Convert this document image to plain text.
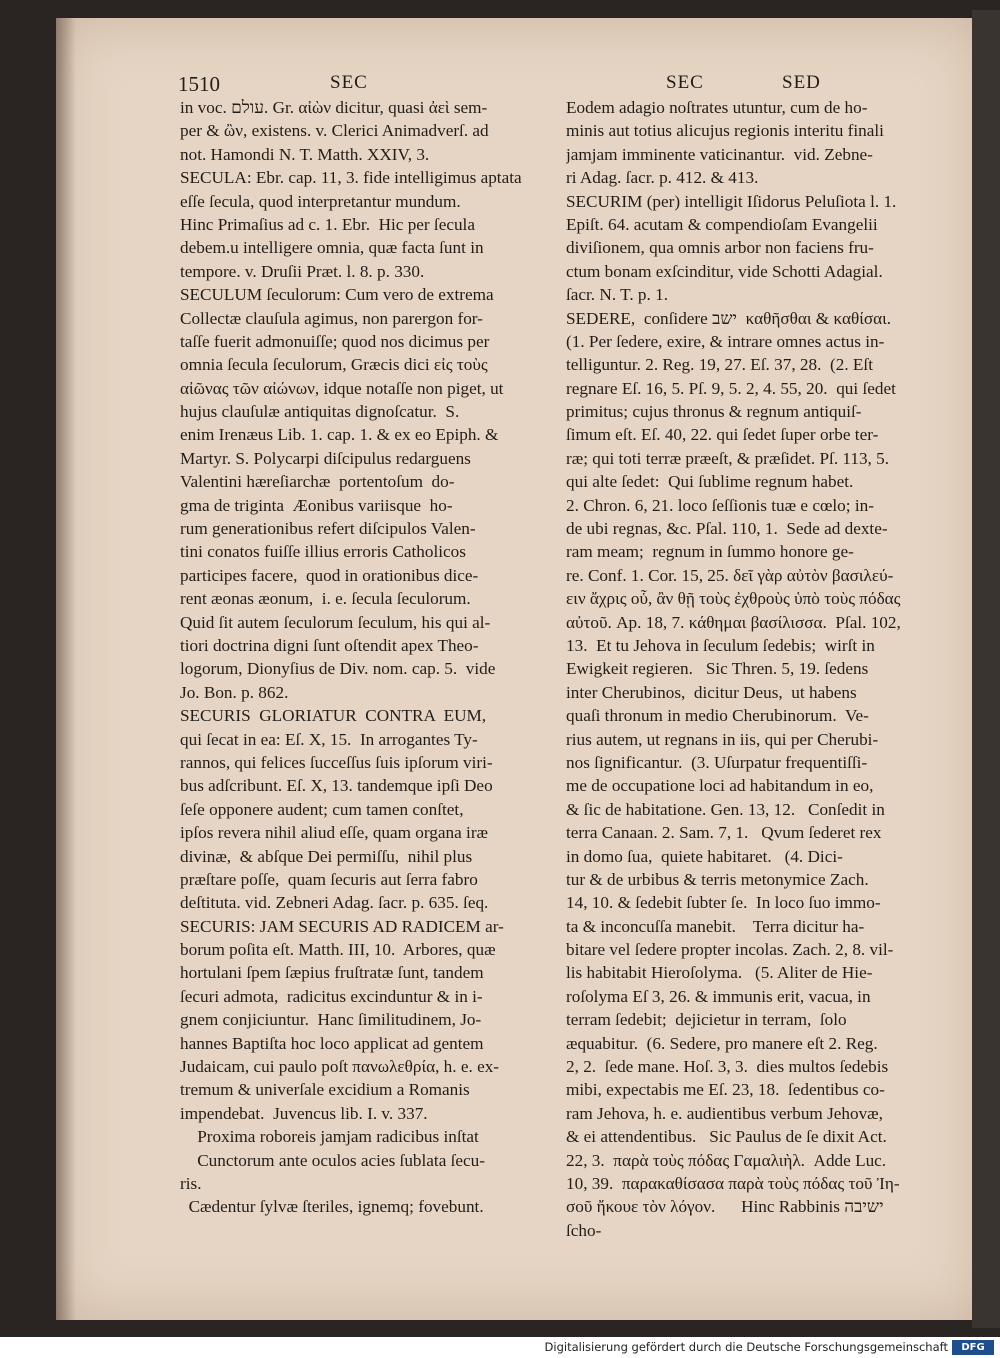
1510	SEC	SEC	SED
in voc. עולם. Gr. αἰὼν dicitur, quasi ἀεὶ sem-
per & ὢν, existens. v. Clerici Animadverſ. ad
not. Hamondi N. T. Matth. XXIV, 3.
SECULA: Ebr. cap. 11, 3. fide intelligimus aptata
eſſe ſecula, quod interpretantur mundum.
Hinc Primaſius ad c. 1. Ebr.  Hic per ſecula
debem.u intelligere omnia, quæ facta ſunt in
tempore. v. Druſii Præt. l. 8. p. 330.
SECULUM ſeculorum: Cum vero de extrema
Collectæ clauſula agimus, non parergon for-
taſſe fuerit admonuiſſe; quod nos dicimus per
omnia ſecula ſeculorum, Græcis dici εἰς τοὺς
αἰῶνας τῶν αἰώνων, idque notaſſe non piget, ut
hujus clauſulæ antiquitas dignoſcatur.  S.
enim Irenæus Lib. 1. cap. 1. & ex eo Epiph. &
Martyr. S. Polycarpi diſcipulus redarguens
Valentini hæreſiarchæ  portentoſum  do-
gma de triginta  Æonibus variisque  ho-
rum generationibus refert diſcipulos Valen-
tini conatos fuiſſe illius erroris Catholicos
participes facere,  quod in orationibus dice-
rent æonas æonum,  i. e. ſecula ſeculorum.
Quid ſit autem ſeculorum ſeculum, his qui al-
tiori doctrina digni ſunt oſtendit apex Theo-
logorum, Dionyſius de Div. nom. cap. 5.  vide
Jo. Bon. p. 862.
SECURIS  GLORIATUR  CONTRA  EUM,
qui ſecat in ea: Eſ. X, 15.  In arrogantes Ty-
rannos, qui felices ſucceſſus ſuis ipſorum viri-
bus adſcribunt. Eſ. X, 13. tandemque ipſi Deo
ſeſe opponere audent; cum tamen conſtet,
ipſos revera nihil aliud eſſe, quam organa iræ
divinæ,  & abſque Dei permiſſu,  nihil plus
præſtare poſſe,  quam ſecuris aut ſerra fabro
deſtituta. vid. Zebneri Adag. ſacr. p. 635. ſeq.
SECURIS: JAM SECURIS AD RADICEM ar-
borum poſita eſt. Matth. III, 10.  Arbores, quæ
hortulani ſpem ſæpius fruſtratæ ſunt, tandem
ſecuri admota,  radicitus excinduntur & in i-
gnem conjiciuntur.  Hanc ſimilitudinem, Jo-
hannes Baptiſta hoc loco applicat ad gentem
Judaicam, cui paulo poſt πανωλεθρία, h. e. ex-
tremum & univerſale excidium a Romanis
impendebat.  Juvencus lib. I. v. 337.
Proxima roboreis jamjam radicibus inſtat
Cunctorum ante oculos acies ſublata ſecu-
ris.
Cædentur ſylvæ ſteriles, ignemq; fovebunt.
Eodem adagio noſtrates utuntur, cum de ho-
minis aut totius alicujus regionis interitu finali
jamjam imminente vaticinantur.  vid. Zebne-
ri Adag. ſacr. p. 412. & 413.
SECURIM (per) intelligit Iſidorus Peluſiota l. 1.
Epiſt. 64. acutam & compendioſam Evangelii
diviſionem, qua omnis arbor non faciens fru-
ctum bonam exſcinditur, vide Schotti Adagial.
ſacr. N. T. p. 1.
SEDERE,  conſidere ישב  καθῆσθαι & καθίσαι.
(1. Per ſedere, exire, & intrare omnes actus in-
telliguntur. 2. Reg. 19, 27. Eſ. 37, 28.  (2. Eſt
regnare Eſ. 16, 5. Pſ. 9, 5. 2, 4. 55, 20.  qui ſedet
primitus; cujus thronus & regnum antiquiſ-
ſimum eſt. Eſ. 40, 22. qui ſedet ſuper orbe ter-
ræ; qui toti terræ præeſt, & præſidet. Pſ. 113, 5.
qui alte ſedet:  Qui ſublime regnum habet.
2. Chron. 6, 21. loco ſeſſionis tuæ e cœlo; in-
de ubi regnas, &c. Pſal. 110, 1.  Sede ad dexte-
ram meam;  regnum in ſummo honore ge-
re. Conf. 1. Cor. 15, 25. δεῖ γὰρ αὐτὸν βασιλεύ-
ειν ἄχρις οὗ, ἂν θῇ τοὺς ἐχθροὺς ὑπὸ τοὺς πόδας
αὐτοῦ. Ap. 18, 7. κάθημαι βασίλισσα.  Pſal. 102,
13.  Et tu Jehova in ſeculum ſedebis;  wirſt in
Ewigkeit regieren.   Sic Thren. 5, 19. ſedens
inter Cherubinos,  dicitur Deus,  ut habens
quaſi thronum in medio Cherubinorum.  Ve-
rius autem, ut regnans in iis, qui per Cherubi-
nos ſignificantur.  (3. Uſurpatur frequentiſſi-
me de occupatione loci ad habitandum in eo,
& ſic de habitatione. Gen. 13, 12.   Conſedit in
terra Canaan. 2. Sam. 7, 1.   Qvum ſederet rex
in domo ſua,  quiete habitaret.   (4. Dici-
tur & de urbibus & terris metonymice Zach.
14, 10. & ſedebit ſubter ſe.  In loco ſuo immo-
ta & inconcuſſa manebit.    Terra dicitur ha-
bitare vel ſedere propter incolas. Zach. 2, 8. vil-
lis habitabit Hieroſolyma.   (5. Aliter de Hie-
roſolyma Eſ 3, 26. & immunis erit, vacua, in
terram ſedebit;  dejicietur in terram,  ſolo
æquabitur.  (6. Sedere, pro manere eſt 2. Reg.
2, 2.  ſede mane. Hoſ. 3, 3.  dies multos ſedebis
mibi, expectabis me Eſ. 23, 18.  ſedentibus co-
ram Jehova, h. e. audientibus verbum Jehovæ,
& ei attendentibus.   Sic Paulus de ſe dixit Act.
22, 3.  παρὰ τοὺς πόδας Γαμαλιὴλ.  Adde Luc.
10, 39.  παρακαθίσασα παρὰ τοὺς πόδας τοῦ Ἰη-
σοῦ ἤκουε τὸν λόγον.      Hinc Rabbinis ישיבה
ſcho-
Digitalisierung gefördert durch die Deutsche Forschungsgemeinschaft	DFG
